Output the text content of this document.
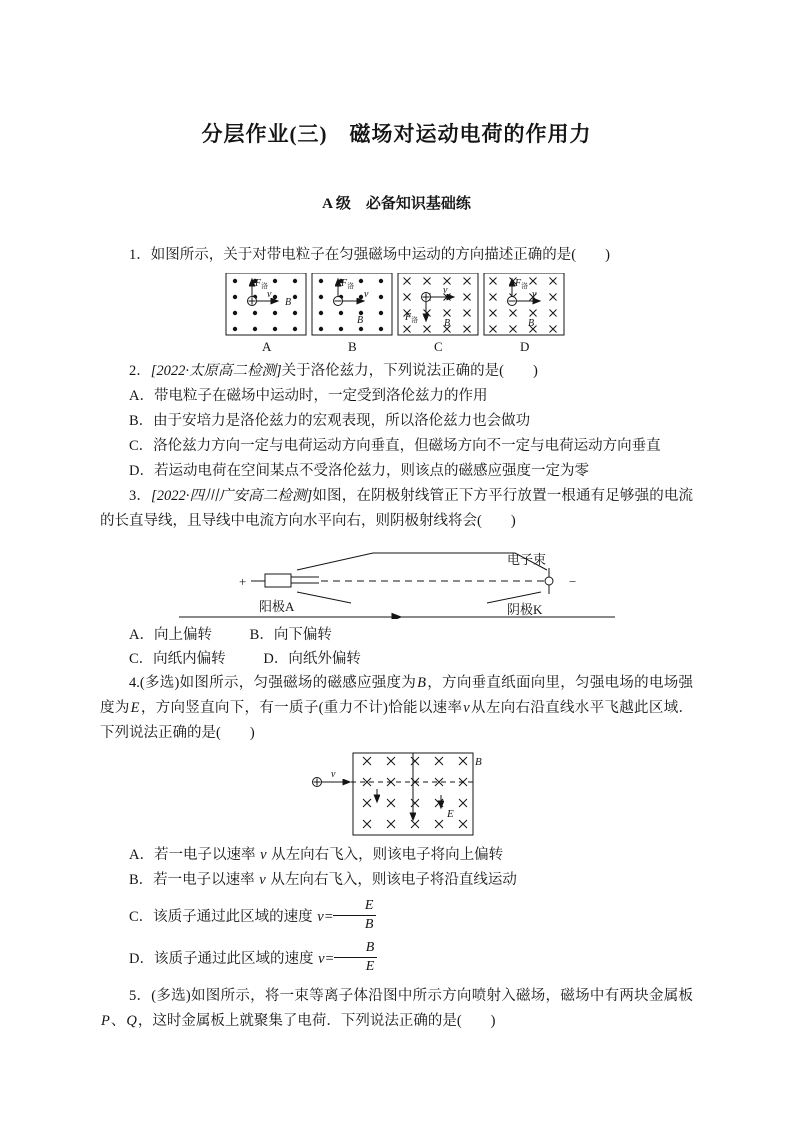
分层作业(三)　磁场对运动电荷的作用力
A 级　必备知识基础练

1．如图所示，关于对带电粒子在匀强磁场中运动的方向描述正确的是(　　)

$F_洛$
v
B
A
$F_洛$
v
B
B
v
$F_洛$	B
C
$F_洛$
v
B
D

2．[2022·太原高二检测]关于洛伦兹力，下列说法正确的是(　　)

A．带电粒子在磁场中运动时，一定受到洛伦兹力的作用

B．由于安培力是洛伦兹力的宏观表现，所以洛伦兹力也会做功

C．洛伦兹力方向一定与电荷运动方向垂直，但磁场方向不一定与电荷运动方向垂直

D．若运动电荷在空间某点不受洛伦兹力，则该点的磁感应强度一定为零

3．[2022·四川广安高二检测]如图，在阴极射线管正下方平行放置一根通有足够强的电流的长直导线，且导线中电流方向水平向右，则阴极射线将会(　　)

+	−
电子束
阳极A	阴极K

A．向上偏转	B．向下偏转

C．向纸内偏转	D．向纸外偏转

4.(多选)如图所示，匀强磁场的磁感应强度为B，方向垂直纸面向里，匀强电场的电场强度为E，方向竖直向下，有一质子(重力不计)恰能以速率v从左向右沿直线水平飞越此区域．下列说法正确的是(　　)

v
B
E

A．若一电子以速率 v 从左向右飞入，则该电子将向上偏转

B．若一电子以速率 v 从左向右飞入，则该电子将沿直线运动

C．该质子通过此区域的速度 $v= \frac{E}{B}$

D．该质子通过此区域的速度 $v= \frac{B}{E}$

5．(多选)如图所示，将一束等离子体沿图中所示方向喷射入磁场，磁场中有两块金属板P、Q，这时金属板上就聚集了电荷．下列说法正确的是(　　)
